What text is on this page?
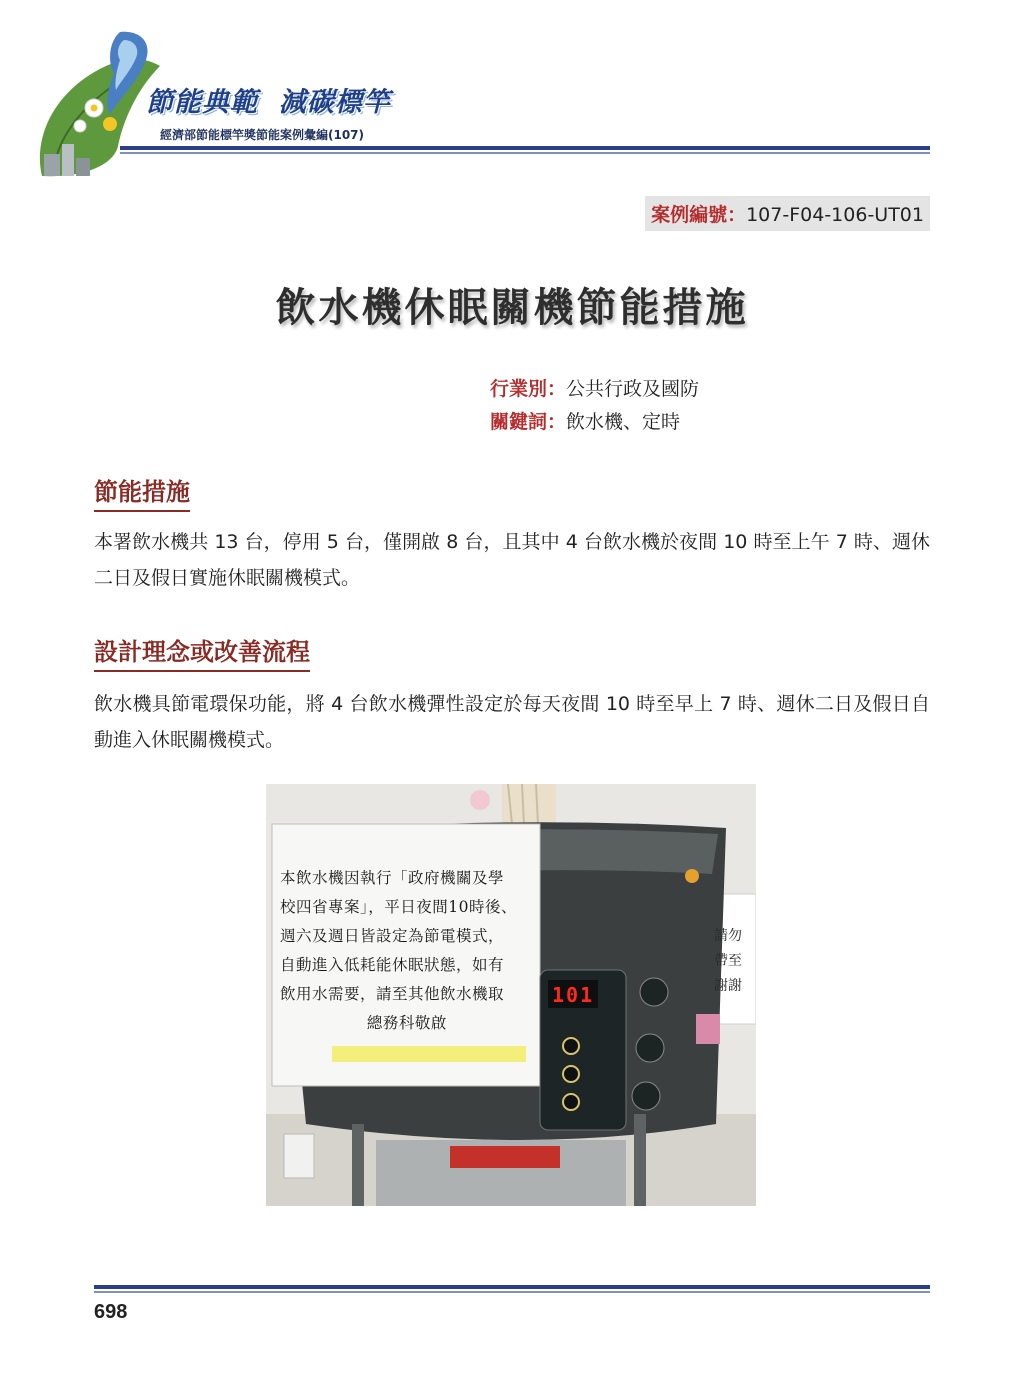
節能典範  減碳標竿
經濟部節能標竿獎節能案例彙編(107)
案例編號：107-F04-106-UT01
飲水機休眠關機節能措施
行業別：公共行政及國防
關鍵詞：飲水機、定時
節能措施
本署飲水機共 13 台，停用 5 台，僅開啟 8 台，且其中 4 台飲水機於夜間 10 時至上午 7 時、週休二日及假日實施休眠關機模式。
設計理念或改善流程
飲水機具節電環保功能，將 4 台飲水機彈性設定於每天夜間 10 時至早上 7 時、週休二日及假日自動進入休眠關機模式。
本飲水機因執行「政府機關及學
校四省專案」，平日夜間10時後、
週六及週日皆設定為節電模式，
自動進入低耗能休眠狀態，如有
飲用水需要，請至其他飲水機取
總務科敬啟
101
請勿
帶至
謝謝
698
